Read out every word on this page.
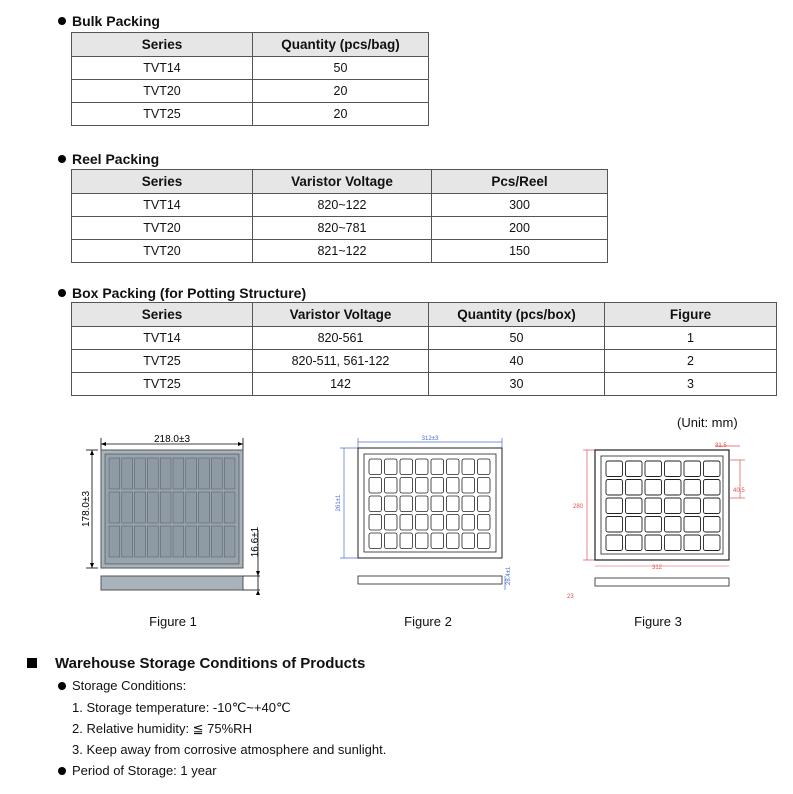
Bulk Packing
Series	Quantity (pcs/bag)
TVT14	50
TVT20	20
TVT25	20
Reel Packing
Series	Varistor Voltage	Pcs/Reel
TVT14	820~122	300
TVT20	820~781	200
TVT20	821~122	150
Box Packing (for Potting Structure)
Series	Varistor Voltage	Quantity (pcs/box)	Figure
TVT14	820-561	50	1
TVT25	820-511, 561-122	40	2
TVT25	142	30	3
(Unit: mm)
218.0±3
178.0±3
16.6±1
Figure 1
312±3
261±1
28.4±1
Figure 2
31.5
40.5
280
312
23
Figure 3
Warehouse Storage Conditions of Products
Storage Conditions:
1. Storage temperature: -10℃~+40℃
2. Relative humidity: ≦ 75%RH
3. Keep away from corrosive atmosphere and sunlight.
Period of Storage: 1 year
